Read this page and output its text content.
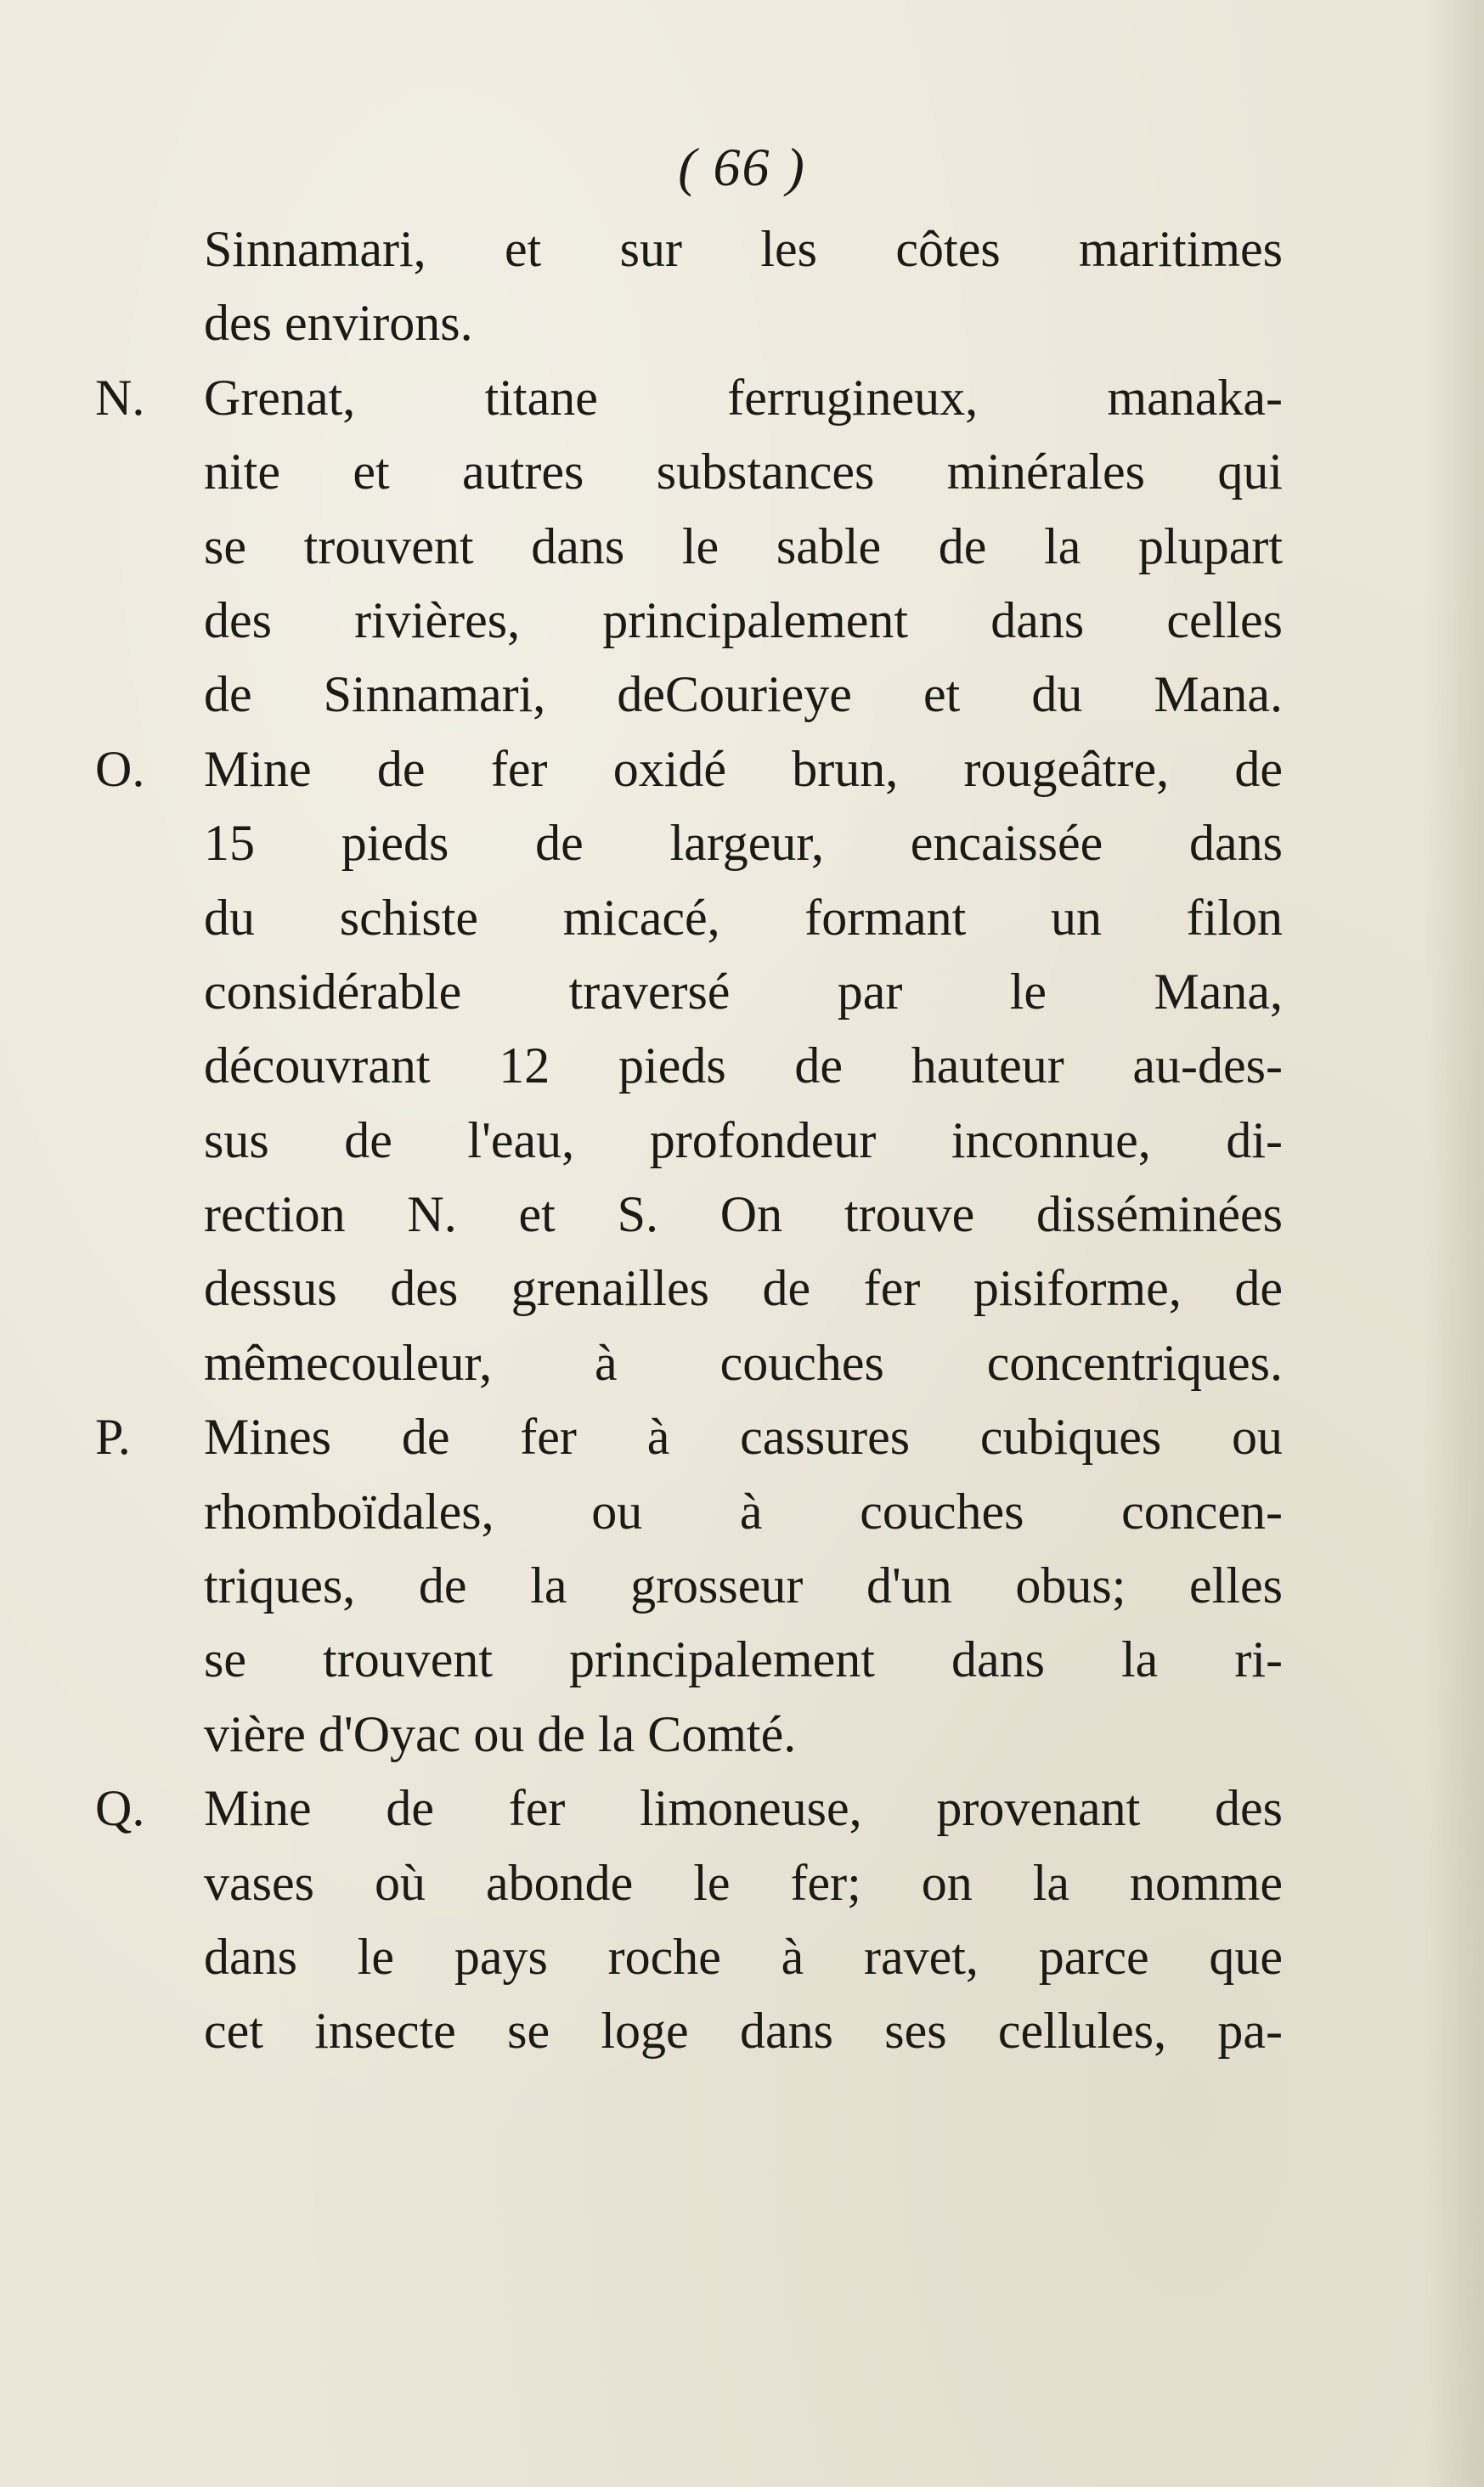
( 66 )
Sinnamari, et sur les côtes maritimes
des environs.
N.	Grenat, titane ferrugineux, manaka-
nite et autres substances minérales qui
se trouvent dans le sable de la plupart
des rivières, principalement dans celles
de Sinnamari, deCourieye et du Mana.
O.	Mine de fer oxidé brun, rougeâtre, de
15 pieds de largeur, encaissée dans
du schiste micacé, formant un filon
considérable traversé par le Mana,
découvrant 12 pieds de hauteur au-des-
sus de l'eau, profondeur inconnue, di-
rection N. et S. On trouve disséminées
dessus des grenailles de fer pisiforme, de
mêmecouleur, à couches concentriques.
P.	Mines de fer à cassures cubiques ou
rhomboïdales, ou à couches concen-
triques, de la grosseur d'un obus; elles
se trouvent principalement dans la ri-
vière d'Oyac ou de la Comté.
Q.	Mine de fer limoneuse, provenant des
vases où abonde le fer; on la nomme
dans le pays roche à ravet, parce que
cet insecte se loge dans ses cellules, pa-
